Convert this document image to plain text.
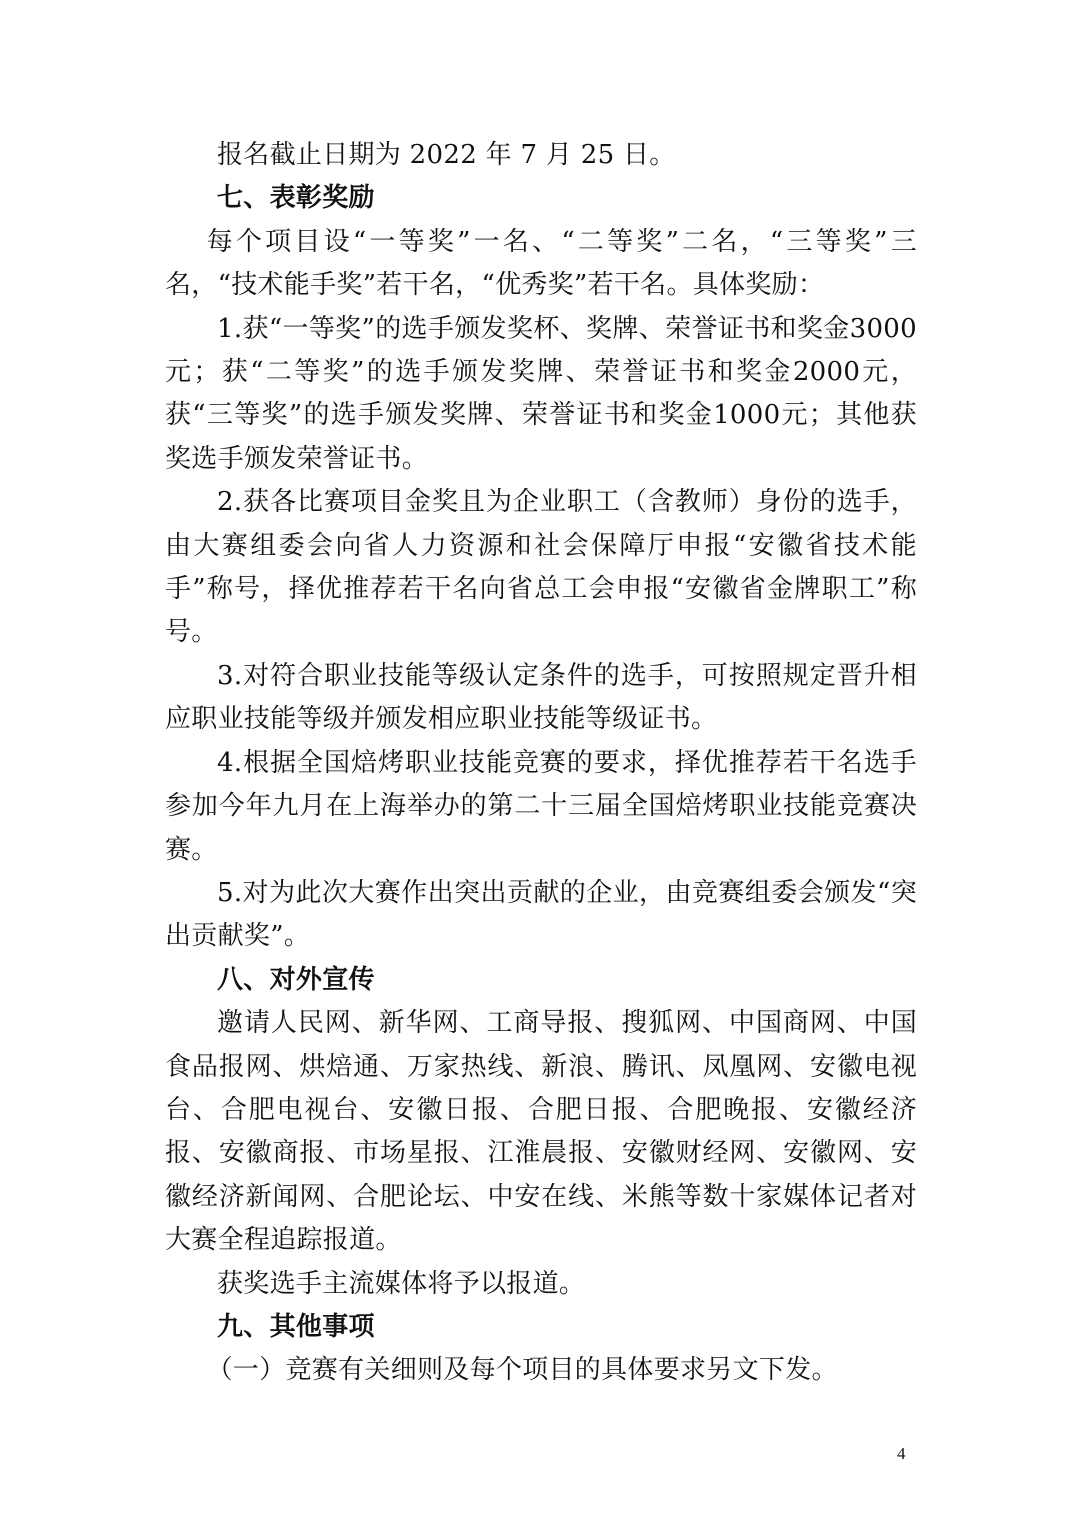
报名截止日期为 2022 年 7 月 25 日。

七、表彰奖励

每个项目设“一等奖”一名、“二等奖”二名，“三等奖”三名，“技术能手奖”若干名，“优秀奖”若干名。具体奖励：

1.获“一等奖”的选手颁发奖杯、奖牌、荣誉证书和奖金3000元；获“二等奖”的选手颁发奖牌、荣誉证书和奖金2000元，获“三等奖”的选手颁发奖牌、荣誉证书和奖金1000元；其他获奖选手颁发荣誉证书。

2.获各比赛项目金奖且为企业职工（含教师）身份的选手，由大赛组委会向省人力资源和社会保障厅申报“安徽省技术能手”称号，择优推荐若干名向省总工会申报“安徽省金牌职工”称号。

3.对符合职业技能等级认定条件的选手，可按照规定晋升相应职业技能等级并颁发相应职业技能等级证书。

4.根据全国焙烤职业技能竞赛的要求，择优推荐若干名选手参加今年九月在上海举办的第二十三届全国焙烤职业技能竞赛决赛。

5.对为此次大赛作出突出贡献的企业，由竞赛组委会颁发“突出贡献奖”。

八、对外宣传

邀请人民网、新华网、工商导报、搜狐网、中国商网、中国食品报网、烘焙通、万家热线、新浪、腾讯、凤凰网、安徽电视台、合肥电视台、安徽日报、合肥日报、合肥晚报、安徽经济报、安徽商报、市场星报、江淮晨报、安徽财经网、安徽网、安徽经济新闻网、合肥论坛、中安在线、米熊等数十家媒体记者对大赛全程追踪报道。

获奖选手主流媒体将予以报道。

九、其他事项

（一）竞赛有关细则及每个项目的具体要求另文下发。

4
